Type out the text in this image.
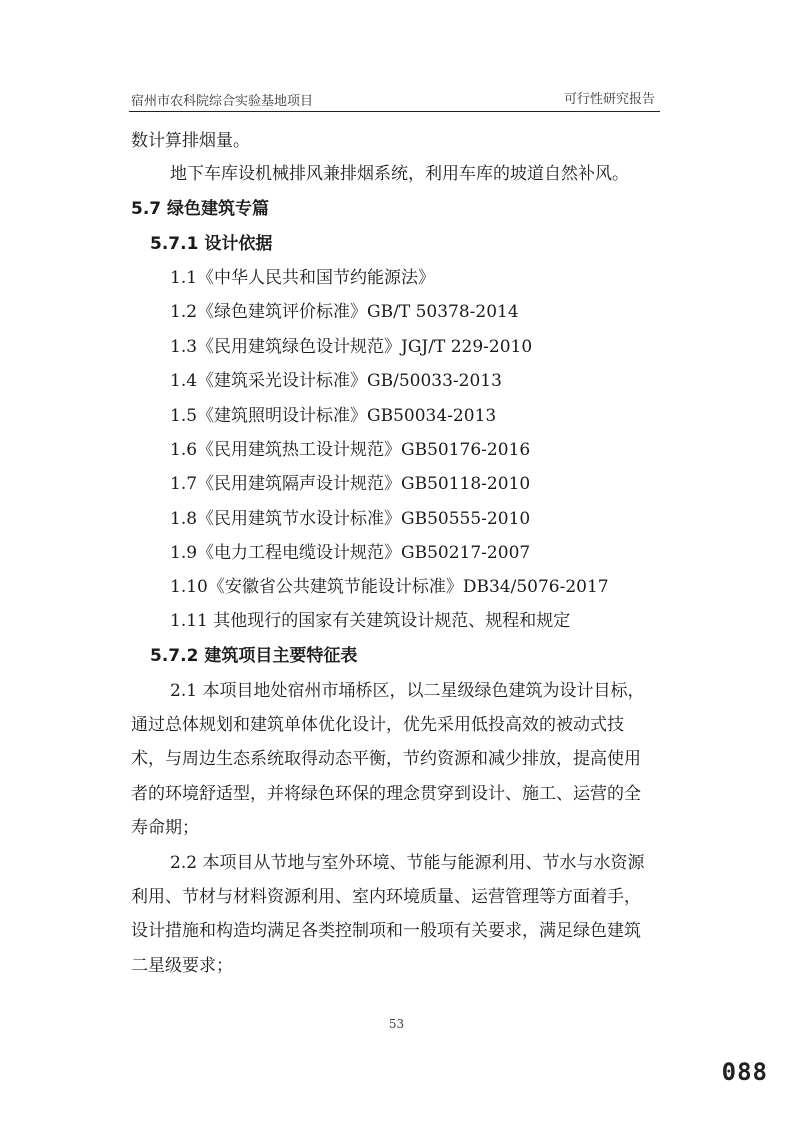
宿州市农科院综合实验基地项目	可行性研究报告
数计算排烟量。
地下车库设机械排风兼排烟系统，利用车库的坡道自然补风。
5.7 绿色建筑专篇
5.7.1 设计依据
1.1《中华人民共和国节约能源法》
1.2《绿色建筑评价标准》GB/T 50378-2014
1.3《民用建筑绿色设计规范》JGJ/T 229-2010
1.4《建筑采光设计标准》GB/50033-2013
1.5《建筑照明设计标准》GB50034-2013
1.6《民用建筑热工设计规范》GB50176-2016
1.7《民用建筑隔声设计规范》GB50118-2010
1.8《民用建筑节水设计标准》GB50555-2010
1.9《电力工程电缆设计规范》GB50217-2007
1.10《安徽省公共建筑节能设计标准》DB34/5076-2017
1.11 其他现行的国家有关建筑设计规范、规程和规定
5.7.2 建筑项目主要特征表
2.1 本项目地处宿州市埇桥区，以二星级绿色建筑为设计目标，
通过总体规划和建筑单体优化设计，优先采用低投高效的被动式技
术，与周边生态系统取得动态平衡，节约资源和减少排放，提高使用
者的环境舒适型，并将绿色环保的理念贯穿到设计、施工、运营的全
寿命期；
2.2 本项目从节地与室外环境、节能与能源利用、节水与水资源
利用、节材与材料资源利用、室内环境质量、运营管理等方面着手，
设计措施和构造均满足各类控制项和一般项有关要求，满足绿色建筑
二星级要求；
53
088
